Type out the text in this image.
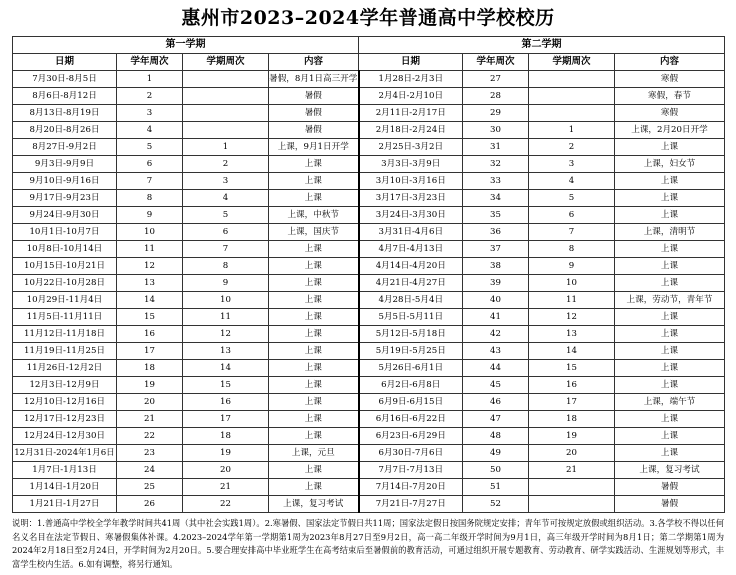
惠州市2023–2024学年普通高中学校校历
第一学期				第二学期			
日期	学年周次	学期周次	内容	日期	学年周次	学期周次	内容
7月30日-8月5日	1		暑假，8月1日高三开学	1月28日-2月3日	27		寒假
8月6日-8月12日	2		暑假	2月4日-2月10日	28		寒假，春节
8月13日-8月19日	3		暑假	2月11日-2月17日	29		寒假
8月20日-8月26日	4		暑假	2月18日-2月24日	30	1	上课，2月20日开学
8月27日-9月2日	5	1	上课，9月1日开学	2月25日-3月2日	31	2	上课
9月3日-9月9日	6	2	上课	3月3日-3月9日	32	3	上课，妇女节
9月10日-9月16日	7	3	上课	3月10日-3月16日	33	4	上课
9月17日-9月23日	8	4	上课	3月17日-3月23日	34	5	上课
9月24日-9月30日	9	5	上课，中秋节	3月24日-3月30日	35	6	上课
10月1日-10月7日	10	6	上课，国庆节	3月31日-4月6日	36	7	上课，清明节
10月8日-10月14日	11	7	上课	4月7日-4月13日	37	8	上课
10月15日-10月21日	12	8	上课	4月14日-4月20日	38	9	上课
10月22日-10月28日	13	9	上课	4月21日-4月27日	39	10	上课
10月29日-11月4日	14	10	上课	4月28日-5月4日	40	11	上课，劳动节，青年节
11月5日-11月11日	15	11	上课	5月5日-5月11日	41	12	上课
11月12日-11月18日	16	12	上课	5月12日-5月18日	42	13	上课
11月19日-11月25日	17	13	上课	5月19日-5月25日	43	14	上课
11月26日-12月2日	18	14	上课	5月26日-6月1日	44	15	上课
12月3日-12月9日	19	15	上课	6月2日-6月8日	45	16	上课
12月10日-12月16日	20	16	上课	6月9日-6月15日	46	17	上课，端午节
12月17日-12月23日	21	17	上课	6月16日-6月22日	47	18	上课
12月24日-12月30日	22	18	上课	6月23日-6月29日	48	19	上课
12月31日-2024年1月6日	23	19	上课，元旦	6月30日-7月6日	49	20	上课
1月7日-1月13日	24	20	上课	7月7日-7月13日	50	21	上课，复习考试
1月14日-1月20日	25	21	上课	7月14日-7月20日	51		暑假
1月21日-1月27日	26	22	上课，复习考试	7月21日-7月27日	52		暑假
说明：1.普通高中学校全学年教学时间共41周（其中社会实践1周）。2.寒暑假、国家法定节假日共11周；国家法定假日按国务院规定安排；青年节可按规定放假或组织活动。3.各学校不得以任何名义名目在法定节假日、寒暑假集体补课。4.2023–2024学年第一学期第1周为2023年8月27日至9月2日，高一高二年级开学时间为9月1日，高三年级开学时间为8月1日；第二学期第1周为2024年2月18日至2月24日，开学时间为2月20日。5.要合理安排高中毕业班学生在高考结束后至暑假前的教育活动，可通过组织开展专题教育、劳动教育、研学实践活动、生涯规划等形式，丰富学生校内生活。6.如有调整，将另行通知。
